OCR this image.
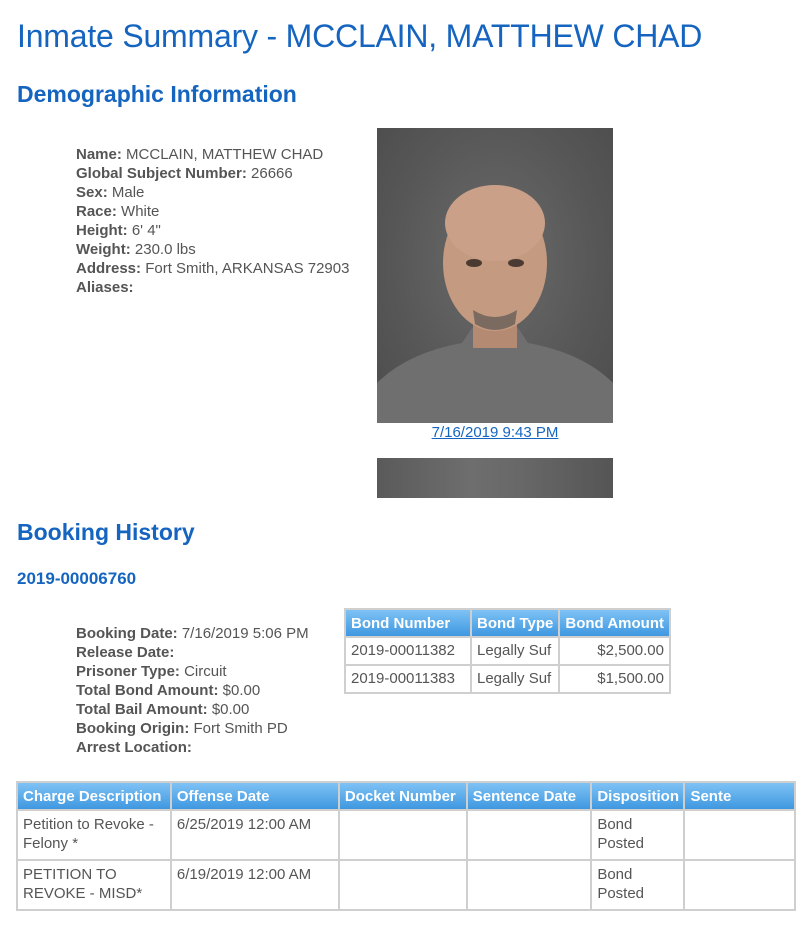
Inmate Summary - MCCLAIN, MATTHEW CHAD
Demographic Information
Name: MCCLAIN, MATTHEW CHAD
Global Subject Number: 26666
Sex: Male
Race: White
Height: 6' 4"
Weight: 230.0 lbs
Address: Fort Smith, ARKANSAS 72903
Aliases:
7/16/2019 9:43 PM
Booking History
2019-00006760
Booking Date: 7/16/2019 5:06 PM
Release Date:
Prisoner Type: Circuit
Total Bond Amount: $0.00
Total Bail Amount: $0.00
Booking Origin: Fort Smith PD
Arrest Location:
Bond Number	Bond Type	Bond Amount
2019-00011382	Legally Suf	$2,500.00
2019-00011383	Legally Suf	$1,500.00
Charge Description	Offense Date	Docket Number	Sentence Date	Disposition	Sente
Petition to Revoke - Felony *	6/25/2019 12:00 AM			Bond Posted	
PETITION TO REVOKE - MISD*	6/19/2019 12:00 AM			Bond Posted	
